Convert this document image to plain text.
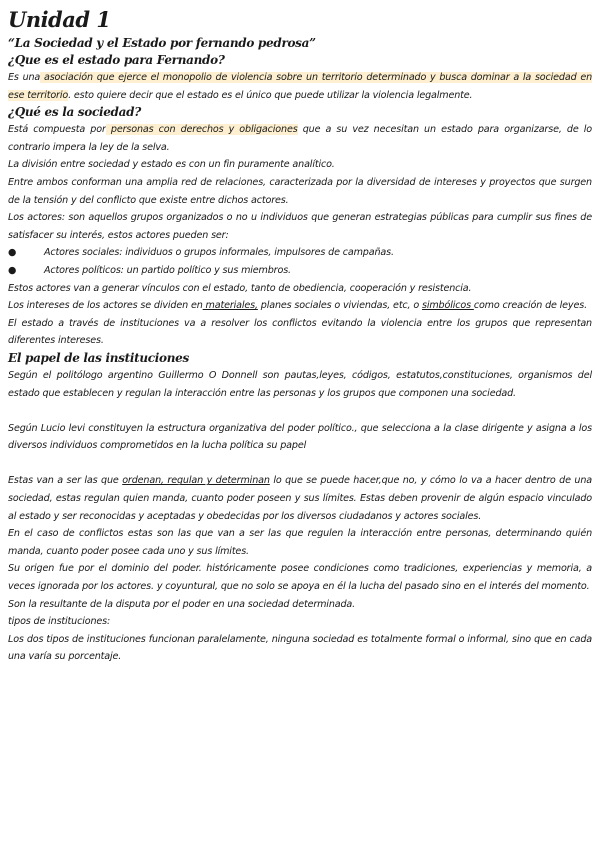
Unidad 1

“La Sociedad y el Estado por fernando pedrosa”

¿Que es el estado para Fernando?

Es una asociación que ejerce el monopolio de violencia sobre un territorio determinado y busca dominar a la sociedad en ese territorio. esto quiere decir que el estado es el único que puede utilizar la violencia legalmente.

¿Qué es la sociedad?

Está compuesta por personas con derechos y obligaciones que a su vez necesitan un estado para organizarse, de lo contrario impera la ley de la selva.

La división entre sociedad y estado es con un fin puramente analítico.

Entre ambos conforman una amplia red de relaciones, caracterizada por la diversidad de intereses y proyectos que surgen de la tensión y del conflicto que existe entre dichos actores.

Los actores: son aquellos grupos organizados o no u individuos que generan estrategias públicas para cumplir sus fines de satisfacer su interés, estos actores pueden ser:

●	Actores sociales: individuos o grupos informales, impulsores de campañas.
●	Actores políticos: un partido político y sus miembros.

Estos actores van a generar vínculos con el estado, tanto de obediencia, cooperación y resistencia.

Los intereses de los actores se dividen en materiales, planes sociales o viviendas, etc, o simbólicos como creación de leyes.

El estado a través de instituciones va a resolver los conflictos evitando la violencia entre los grupos que representan diferentes intereses.

El papel de las instituciones

Según el politólogo argentino Guillermo O Donnell son pautas,leyes, códigos, estatutos,constituciones, organismos del estado que establecen y regulan la interacción entre las personas y los grupos que componen una sociedad.

Según Lucio levi constituyen la estructura organizativa del poder político., que selecciona a la clase dirigente y asigna a los diversos individuos comprometidos en la lucha política su papel

Estas van a ser las que ordenan, regulan y determinan lo que se puede hacer,que no, y cómo lo va a hacer dentro de una sociedad, estas regulan quien manda, cuanto poder poseen y sus límites. Estas deben provenir de algún espacio vinculado al estado y ser reconocidas y aceptadas y obedecidas por los diversos ciudadanos y actores sociales.

En el caso de conflictos estas son las que van a ser las que regulen la interacción entre personas, determinando quién manda, cuanto poder posee cada uno y sus límites.

Su origen fue por el dominio del poder. históricamente posee condiciones como tradiciones, experiencias y memoria, a veces ignorada por los actores. y coyuntural, que no solo se apoya en él la lucha del pasado sino en el interés del momento.

Son la resultante de la disputa por el poder en una sociedad determinada.

tipos de instituciones:

Los dos tipos de instituciones funcionan paralelamente, ninguna sociedad es totalmente formal o informal, sino que en cada una varía su porcentaje.
